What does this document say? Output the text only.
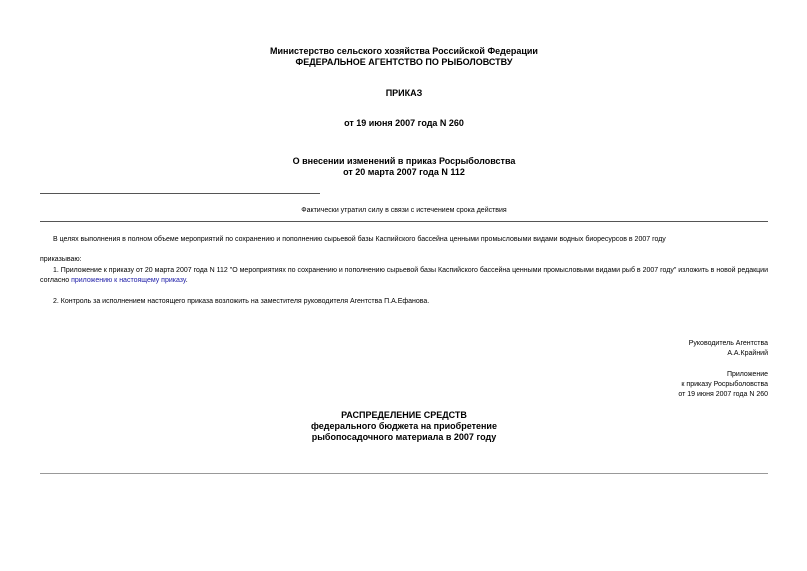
Министерство сельского хозяйства Российской Федерации
ФЕДЕРАЛЬНОЕ АГЕНТСТВО ПО РЫБОЛОВСТВУ
ПРИКАЗ
от 19 июня 2007 года N 260
О внесении изменений в приказ Росрыболовства
от 20 марта 2007 года N 112
Фактически утратил силу в связи с истечением срока действия
В целях выполнения в полном объеме мероприятий по сохранению и пополнению сырьевой базы Каспийского бассейна ценными промысловыми видами водных биоресурсов в 2007 году
приказываю:
1. Приложение к приказу от 20 марта 2007 года N 112 "О мероприятиях по сохранению и пополнению сырьевой базы Каспийского бассейна ценными промысловыми видами рыб в 2007 году" изложить в новой редакции согласно приложению к настоящему приказу.
2. Контроль за исполнением настоящего приказа возложить на заместителя руководителя Агентства П.А.Ефанова.
Руководитель Агентства
А.А.Крайний
Приложение
к приказу Росрыболовства
от 19 июня 2007 года N 260
РАСПРЕДЕЛЕНИЕ СРЕДСТВ
федерального бюджета на приобретение
рыбопосадочного материала в 2007 году
